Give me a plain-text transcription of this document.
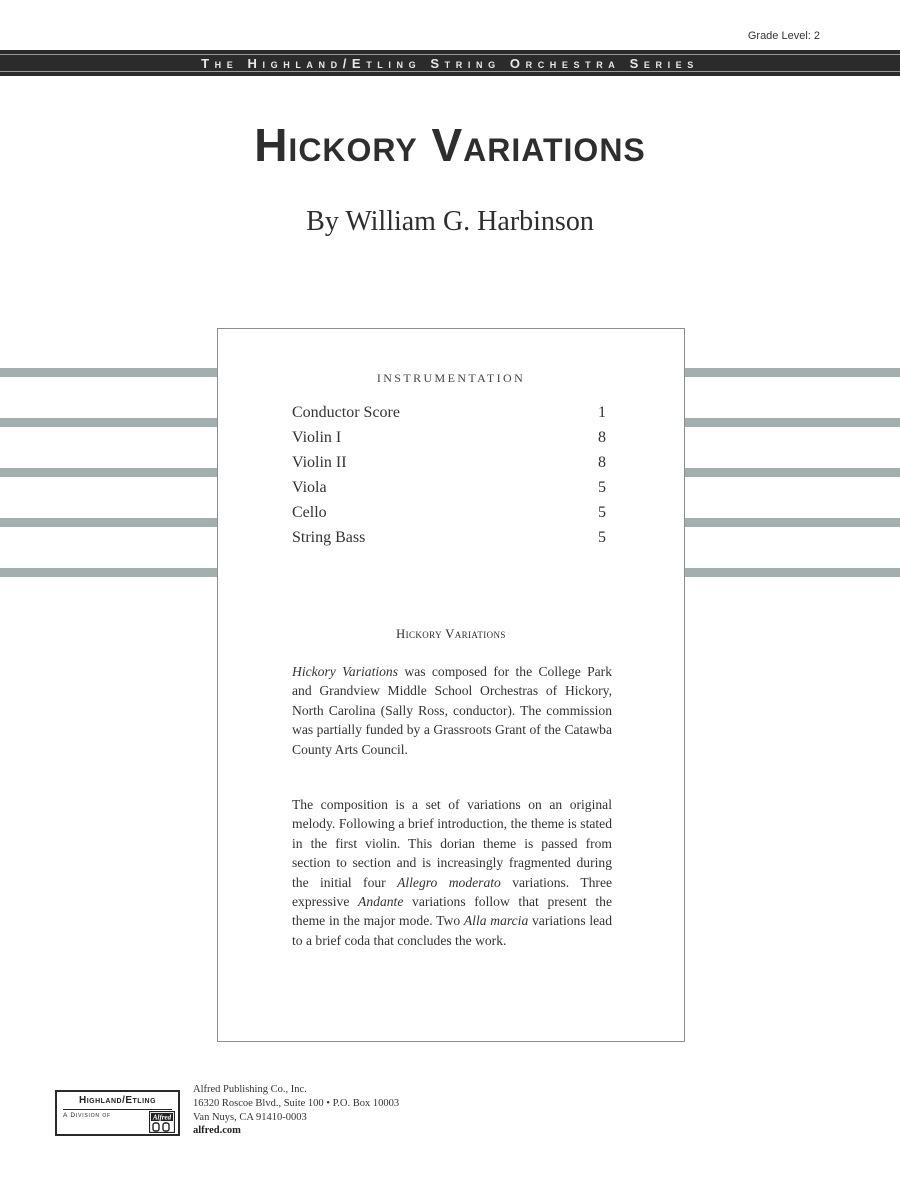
Grade Level: 2
The Highland/Etling String Orchestra Series
Hickory Variations
By William G. Harbinson
INSTRUMENTATION
Conductor Score	1
Violin I	8
Violin II	8
Viola	5
Cello	5
String Bass	5
Hickory Variations

Hickory Variations was composed for the College Park and Grandview Middle School Orchestras of Hickory, North Carolina (Sally Ross, conductor). The commission was partially funded by a Grassroots Grant of the Catawba County Arts Council.

The composition is a set of variations on an original melody. Following a brief introduction, the theme is stated in the first violin. This dorian theme is passed from section to section and is increasingly fragmented during the initial four Allegro moderato variations. Three expressive Andante variations follow that present the theme in the major mode. Two Alla marcia variations lead to a brief coda that concludes the work.

Highland/Etling
A Division of	Alfred
Alfred Publishing Co., Inc.
16320 Roscoe Blvd., Suite 100 • P.O. Box 10003
Van Nuys, CA 91410-0003
alfred.com
